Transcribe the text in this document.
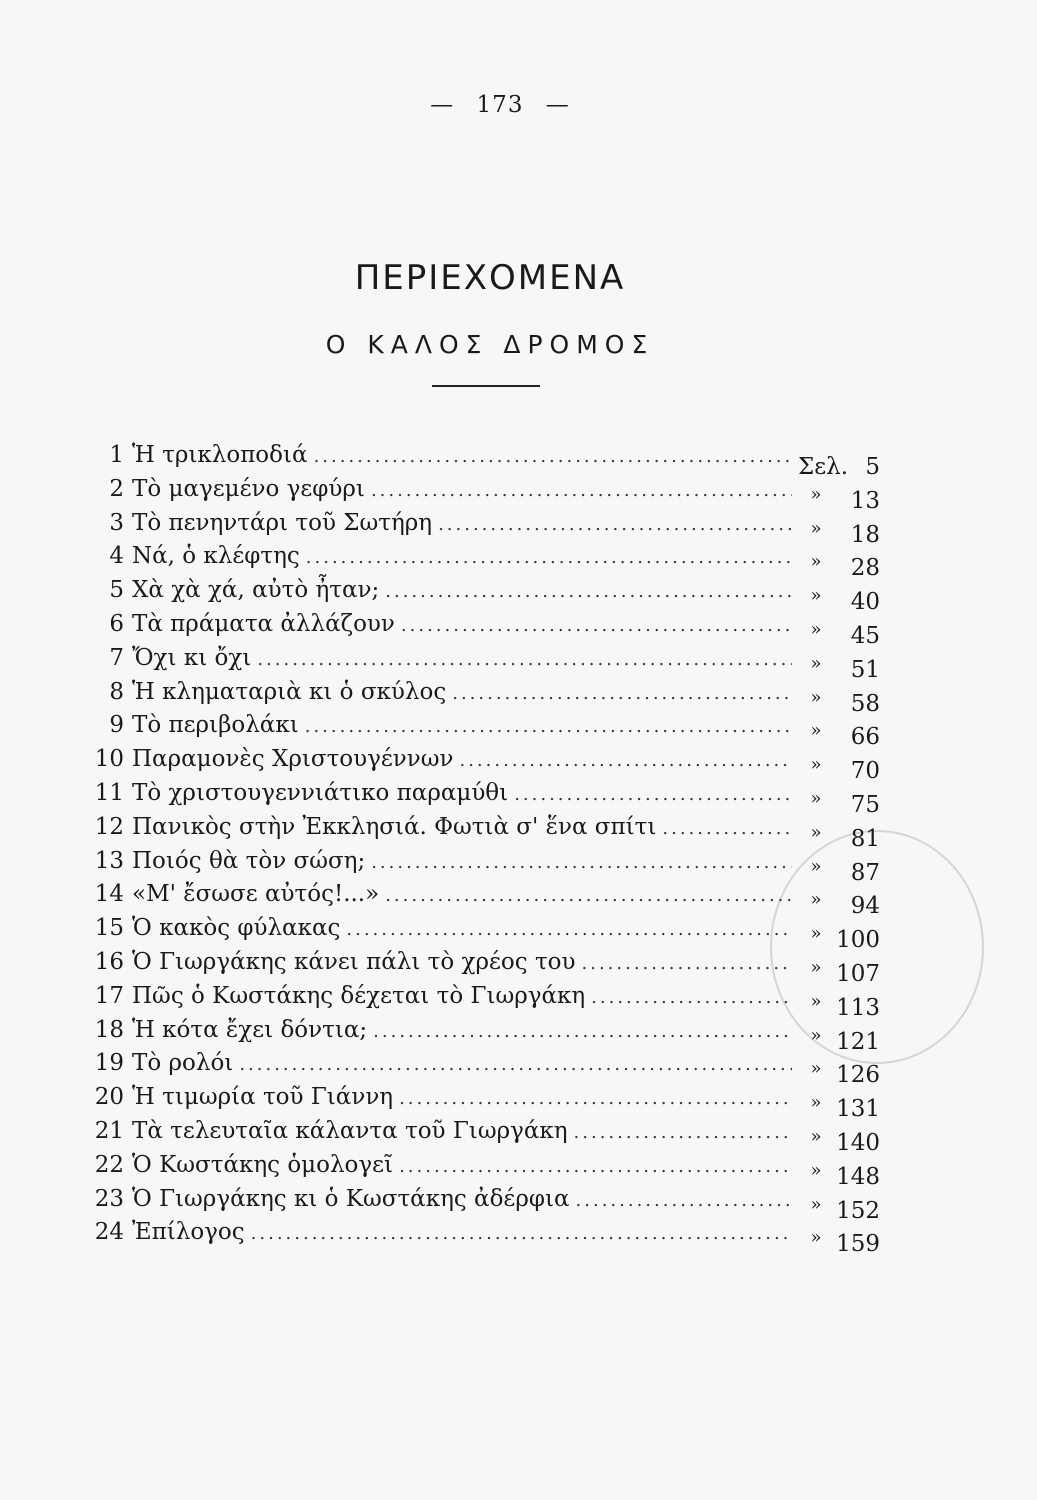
— 173 —
ΠΕΡΙΕΧΟΜΕΝΑ
Ο ΚΑΛΟΣ ΔΡΟΜΟΣ
1 Ἡ τρικλοποδιά .....	Σελ. 5
2 Τὸ μαγεμένο γεφύρι .....	»	13
3 Τὸ πενηντάρι τοῦ Σωτήρη .....	»	18
4 Νά, ὁ κλέφτης .....	»	28
5 Χὰ χὰ χά, αὐτὸ ἦταν; .....	»	40
6 Τὰ πράματα ἀλλάζουν .....	»	45
7 Ὄχι κι ὄχι .....	»	51
8 Ἡ κληματαριὰ κι ὁ σκύλος .....	»	58
9 Τὸ περιβολάκι .....	»	66
10 Παραμονὲς Χριστουγέννων .....	»	70
11 Τὸ χριστουγεννιάτικο παραμύθι .....	»	75
12 Πανικὸς στὴν Ἐκκλησιά. Φωτιὰ σ' ἕνα σπίτι .....	»	81
13 Ποιός θὰ τὸν σώση; .....	»	87
14 «Μ' ἔσωσε αὐτός!...» .....	»	94
15 Ὁ κακὸς φύλακας .....	» 100
16 Ὁ Γιωργάκης κάνει πάλι τὸ χρέος του .....	» 107
17 Πῶς ὁ Κωστάκης δέχεται τὸ Γιωργάκη .....	» 113
18 Ἡ κότα ἔχει δόντια; .....	» 121
19 Τὸ ρολόι .....	» 126
20 Ἡ τιμωρία τοῦ Γιάννη .....	» 131
21 Τὰ τελευταῖα κάλαντα τοῦ Γιωργάκη .....	» 140
22 Ὁ Κωστάκης ὁμολογεῖ .....	» 148
23 Ὁ Γιωργάκης κι ὁ Κωστάκης ἀδέρφια .....	» 152
24 Ἐπίλογος .....	» 159
